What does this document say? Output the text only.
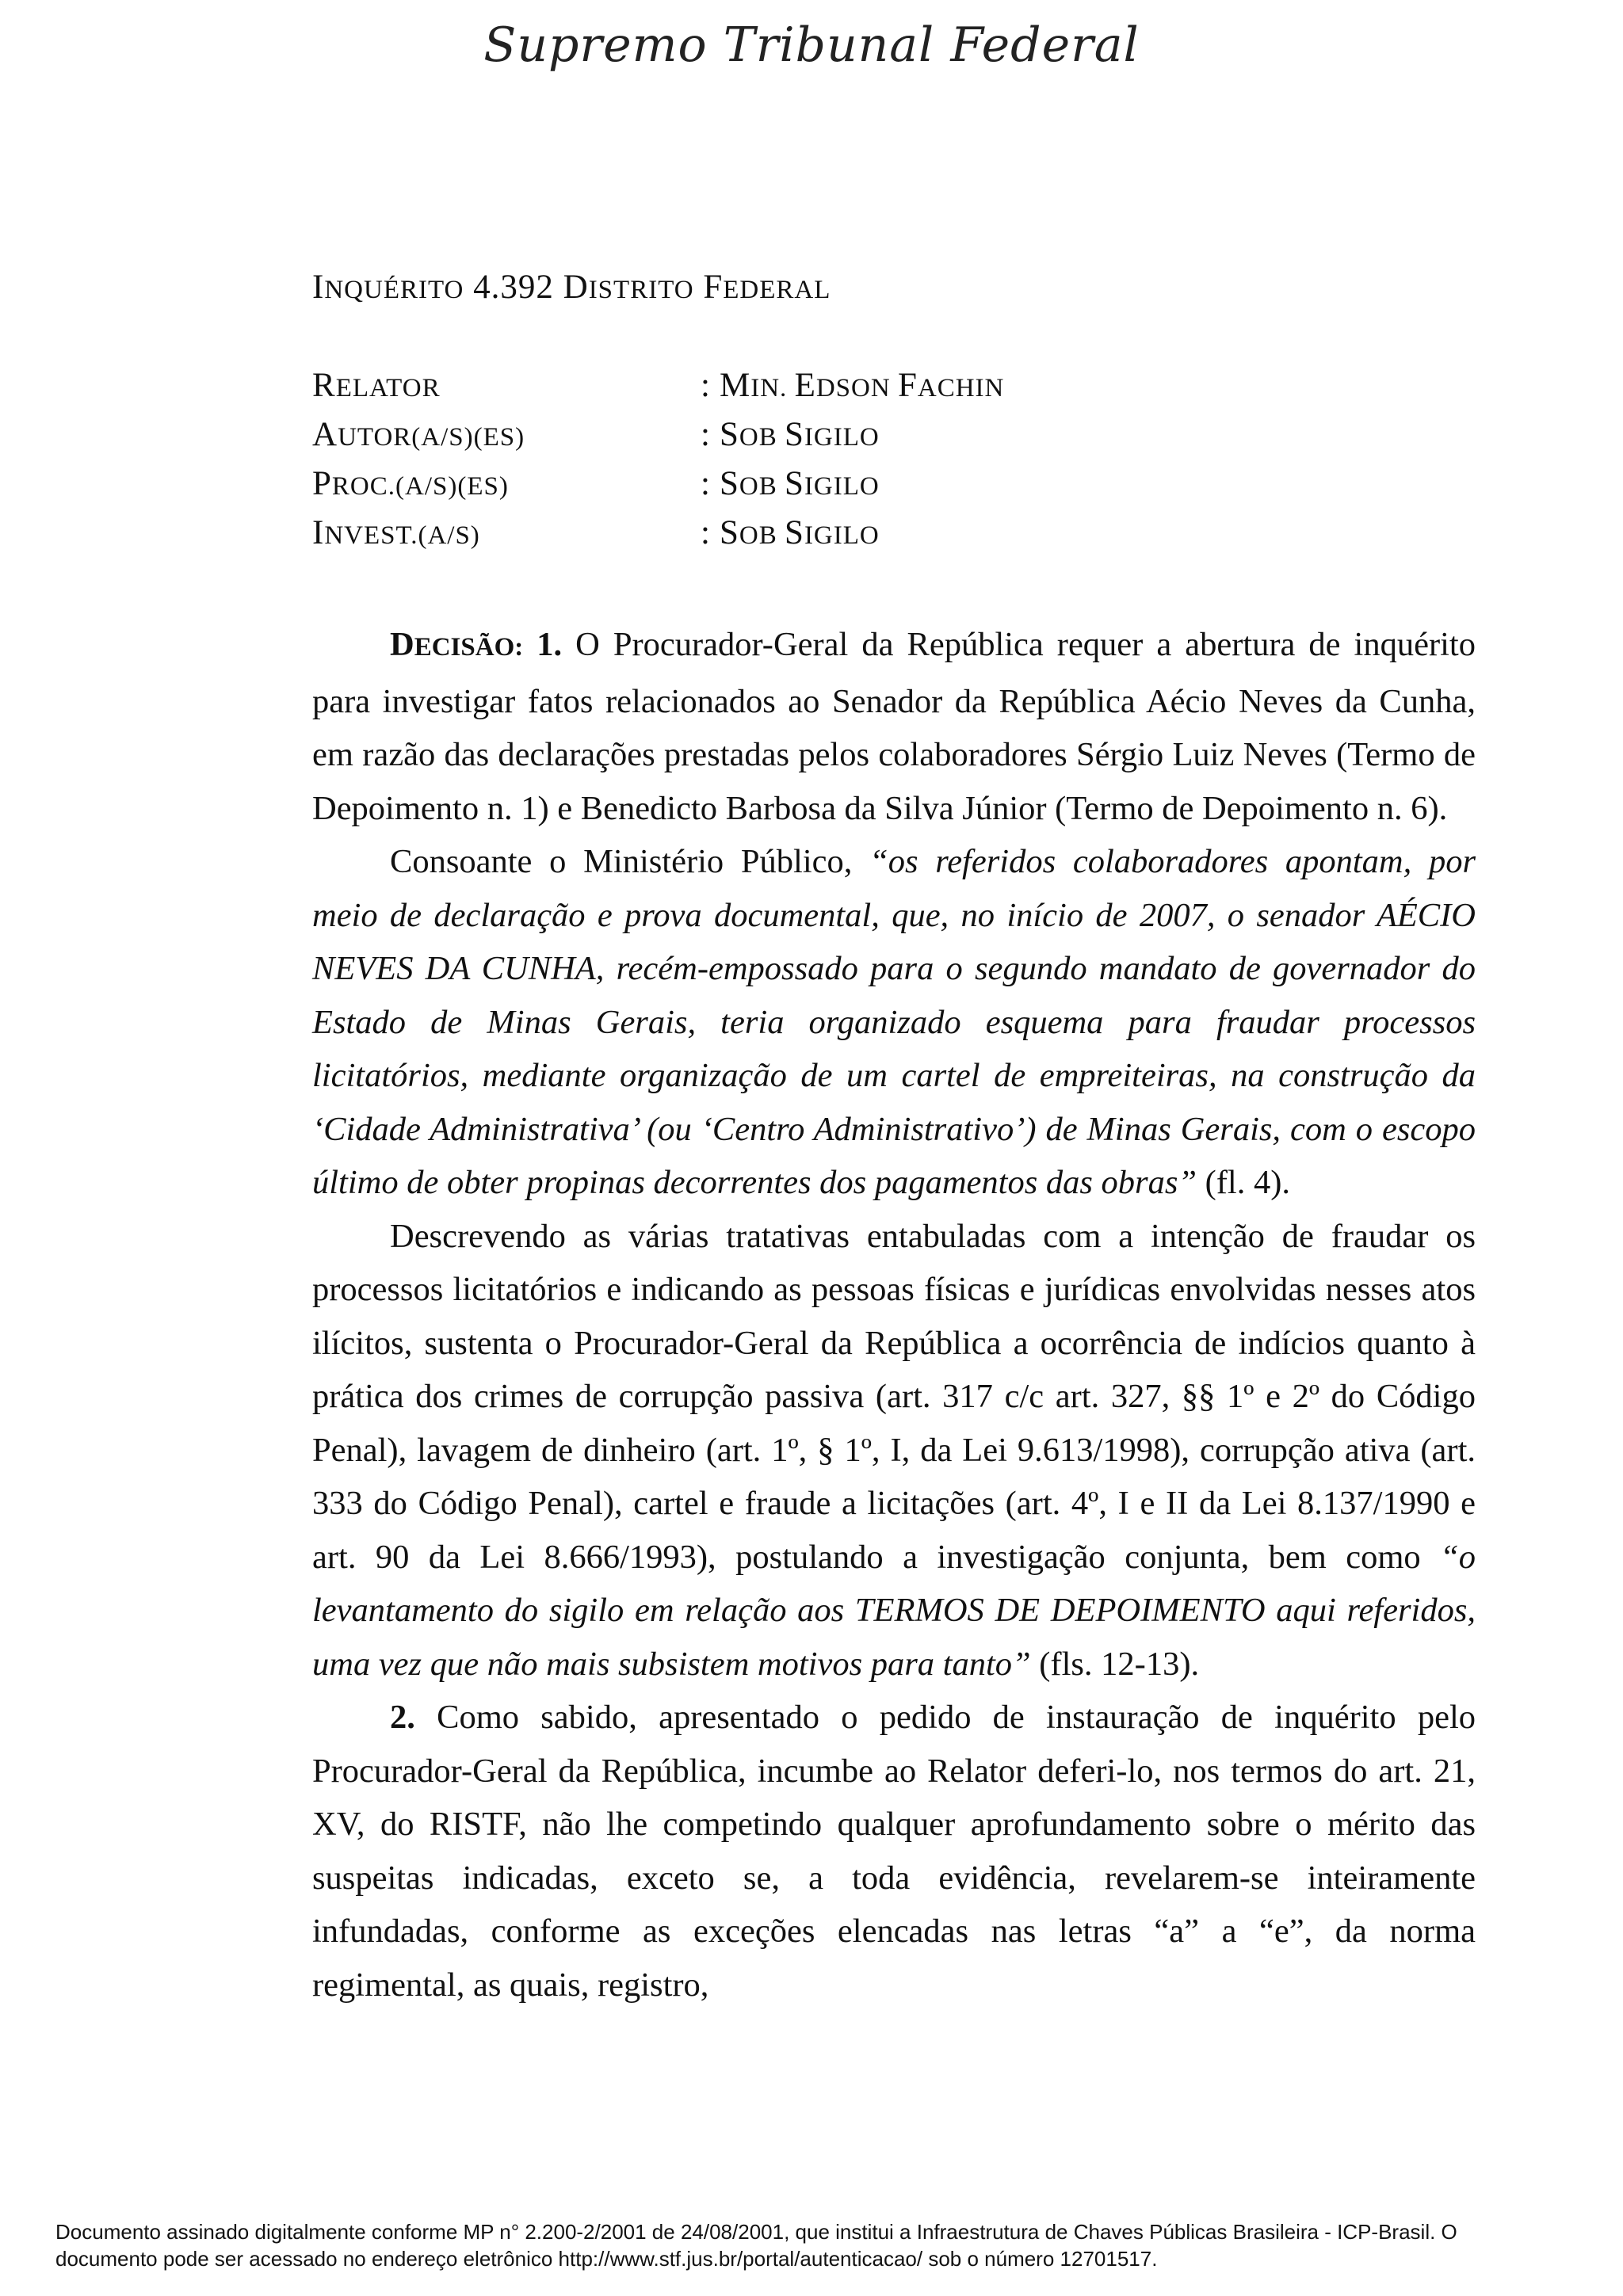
Supremo Tribunal Federal
INQUÉRITO 4.392 DISTRITO FEDERAL
RELATOR	: MIN. EDSON FACHIN
AUTOR(A/S)(ES)	: SOB SIGILO
PROC.(A/S)(ES)	: SOB SIGILO
INVEST.(A/S)	: SOB SIGILO

DECISÃO: 1. O Procurador-Geral da República requer a abertura de inquérito para investigar fatos relacionados ao Senador da República Aécio Neves da Cunha, em razão das declarações prestadas pelos colaboradores Sérgio Luiz Neves (Termo de Depoimento n. 1) e Benedicto Barbosa da Silva Júnior (Termo de Depoimento n. 6).

Consoante o Ministério Público, “os referidos colaboradores apontam, por meio de declaração e prova documental, que, no início de 2007, o senador AÉCIO NEVES DA CUNHA, recém-empossado para o segundo mandato de governador do Estado de Minas Gerais, teria organizado esquema para fraudar processos licitatórios, mediante organização de um cartel de empreiteiras, na construção da ‘Cidade Administrativa’ (ou ‘Centro Administrativo’) de Minas Gerais, com o escopo último de obter propinas decorrentes dos pagamentos das obras” (fl. 4).

Descrevendo as várias tratativas entabuladas com a intenção de fraudar os processos licitatórios e indicando as pessoas físicas e jurídicas envolvidas nesses atos ilícitos, sustenta o Procurador-Geral da República a ocorrência de indícios quanto à prática dos crimes de corrupção passiva (art. 317 c/c art. 327, §§ 1º e 2º do Código Penal), lavagem de dinheiro (art. 1º, § 1º, I, da Lei 9.613/1998), corrupção ativa (art. 333 do Código Penal), cartel e fraude a licitações (art. 4º, I e II da Lei 8.137/1990 e art. 90 da Lei 8.666/1993), postulando a investigação conjunta, bem como “o levantamento do sigilo em relação aos TERMOS DE DEPOIMENTO aqui referidos, uma vez que não mais subsistem motivos para tanto” (fls. 12-13).

2. Como sabido, apresentado o pedido de instauração de inquérito pelo Procurador-Geral da República, incumbe ao Relator deferi-lo, nos termos do art. 21, XV, do RISTF, não lhe competindo qualquer aprofundamento sobre o mérito das suspeitas indicadas, exceto se, a toda evidência, revelarem-se inteiramente infundadas, conforme as exceções elencadas nas letras “a” a “e”, da norma regimental, as quais, registro,

Documento assinado digitalmente conforme MP n° 2.200-2/2001 de 24/08/2001, que institui a Infraestrutura de Chaves Públicas Brasileira - ICP-Brasil. O
documento pode ser acessado no endereço eletrônico http://www.stf.jus.br/portal/autenticacao/ sob o número 12701517.
